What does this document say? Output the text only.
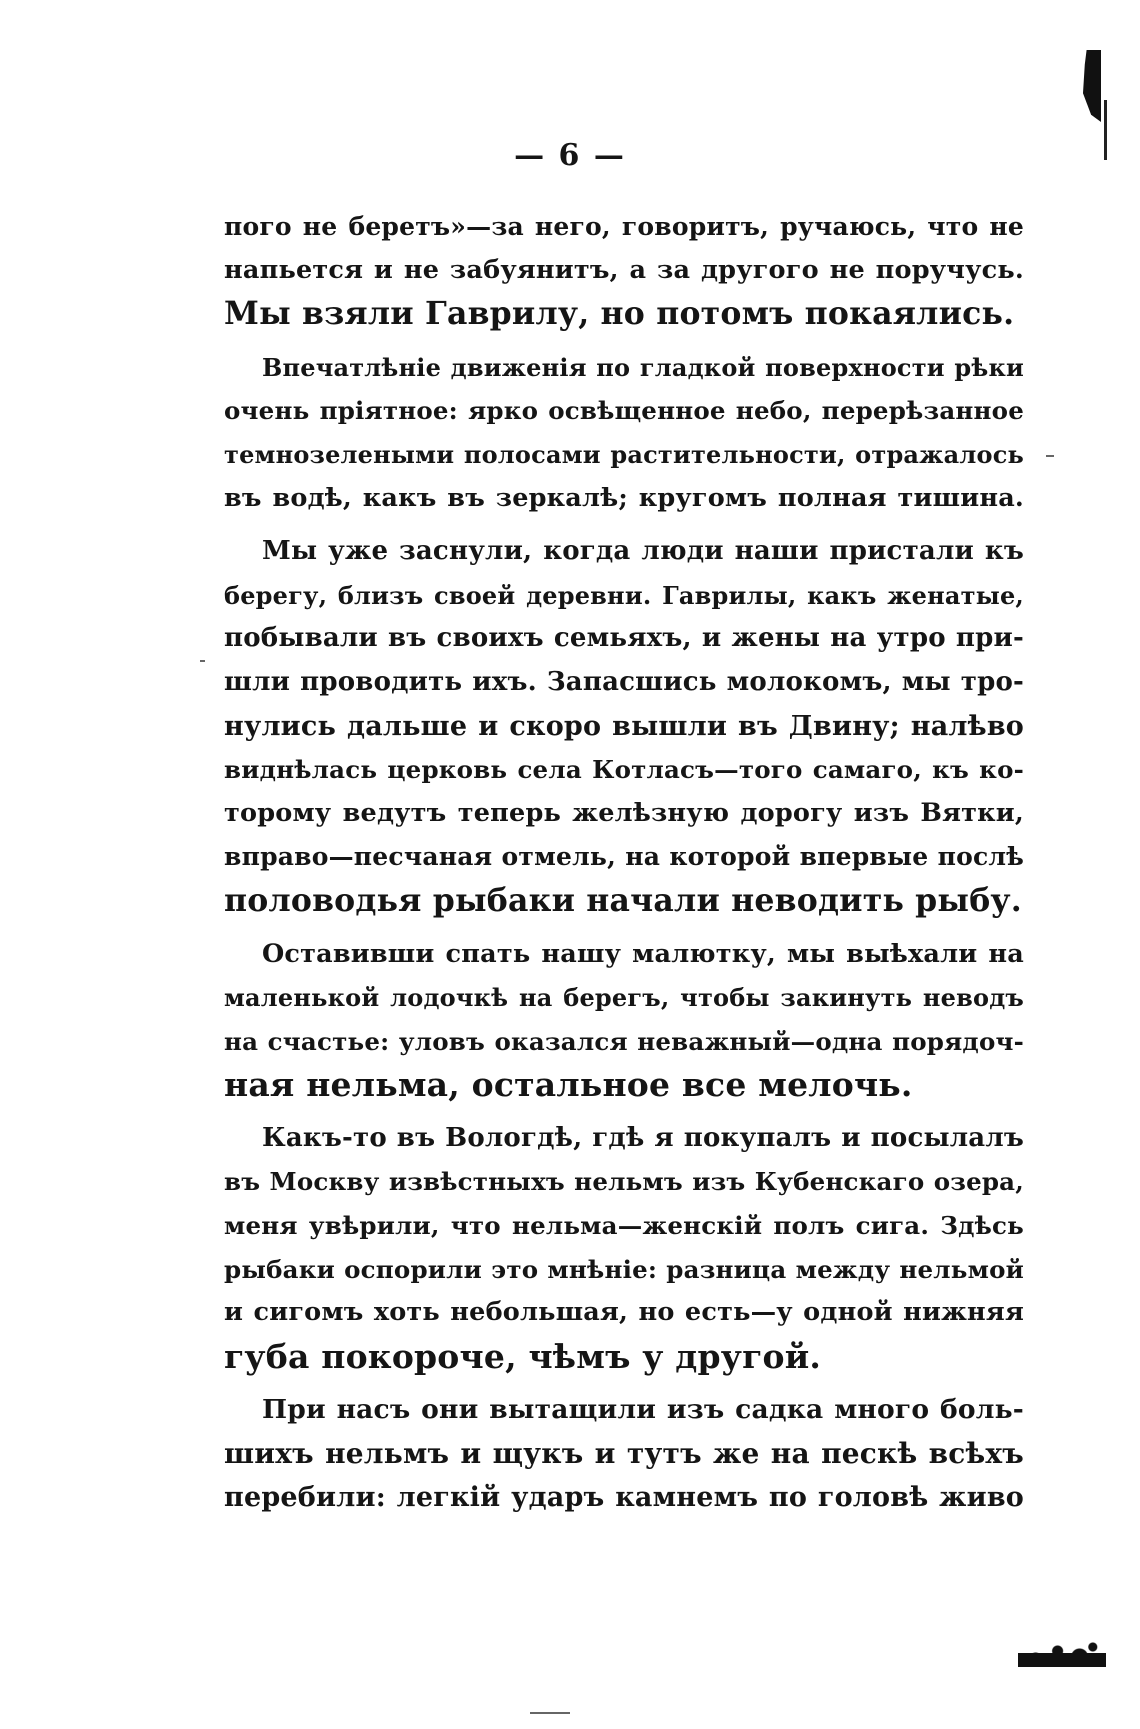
— 6 —
пого не беретъ»—за него, говоритъ, ручаюсь, что не
напьется и не забуянитъ, а за другого не поручусь.
Мы взяли Гаврилу, но потомъ покаялись.
Впечатлѣніе движенія по гладкой поверхности рѣки
очень пріятное: ярко освѣщенное небо, перерѣзанное
темнозелеными полосами растительности, отражалось
въ водѣ, какъ въ зеркалѣ; кругомъ полная тишина.
Мы уже заснули, когда люди наши пристали къ
берегу, близъ своей деревни. Гаврилы, какъ женатые,
побывали въ своихъ семьяхъ, и жены на утро при-
шли проводить ихъ. Запасшись молокомъ, мы тро-
нулись дальше и скоро вышли въ Двину; налѣво
виднѣлась церковь села Котласъ—того самаго, къ ко-
торому ведутъ теперь желѣзную дорогу изъ Вятки,
вправо—песчаная отмель, на которой впервые послѣ
половодья рыбаки начали неводить рыбу.
Оставивши спать нашу малютку, мы выѣхали на
маленькой лодочкѣ на берегъ, чтобы закинуть неводъ
на счастье: уловъ оказался неважный—одна порядоч-
ная нельма, остальное все мелочь.
Какъ-то въ Вологдѣ, гдѣ я покупалъ и посылалъ
въ Москву извѣстныхъ нельмъ изъ Кубенскаго озера,
меня увѣрили, что нельма—женскій полъ сига. Здѣсь
рыбаки оспорили это мнѣніе: разница между нельмой
и сигомъ хоть небольшая, но есть—у одной нижняя
губа покороче, чѣмъ у другой.
При насъ они вытащили изъ садка много боль-
шихъ нельмъ и щукъ и тутъ же на пескѣ всѣхъ
перебили: легкій ударъ камнемъ по головѣ живо
